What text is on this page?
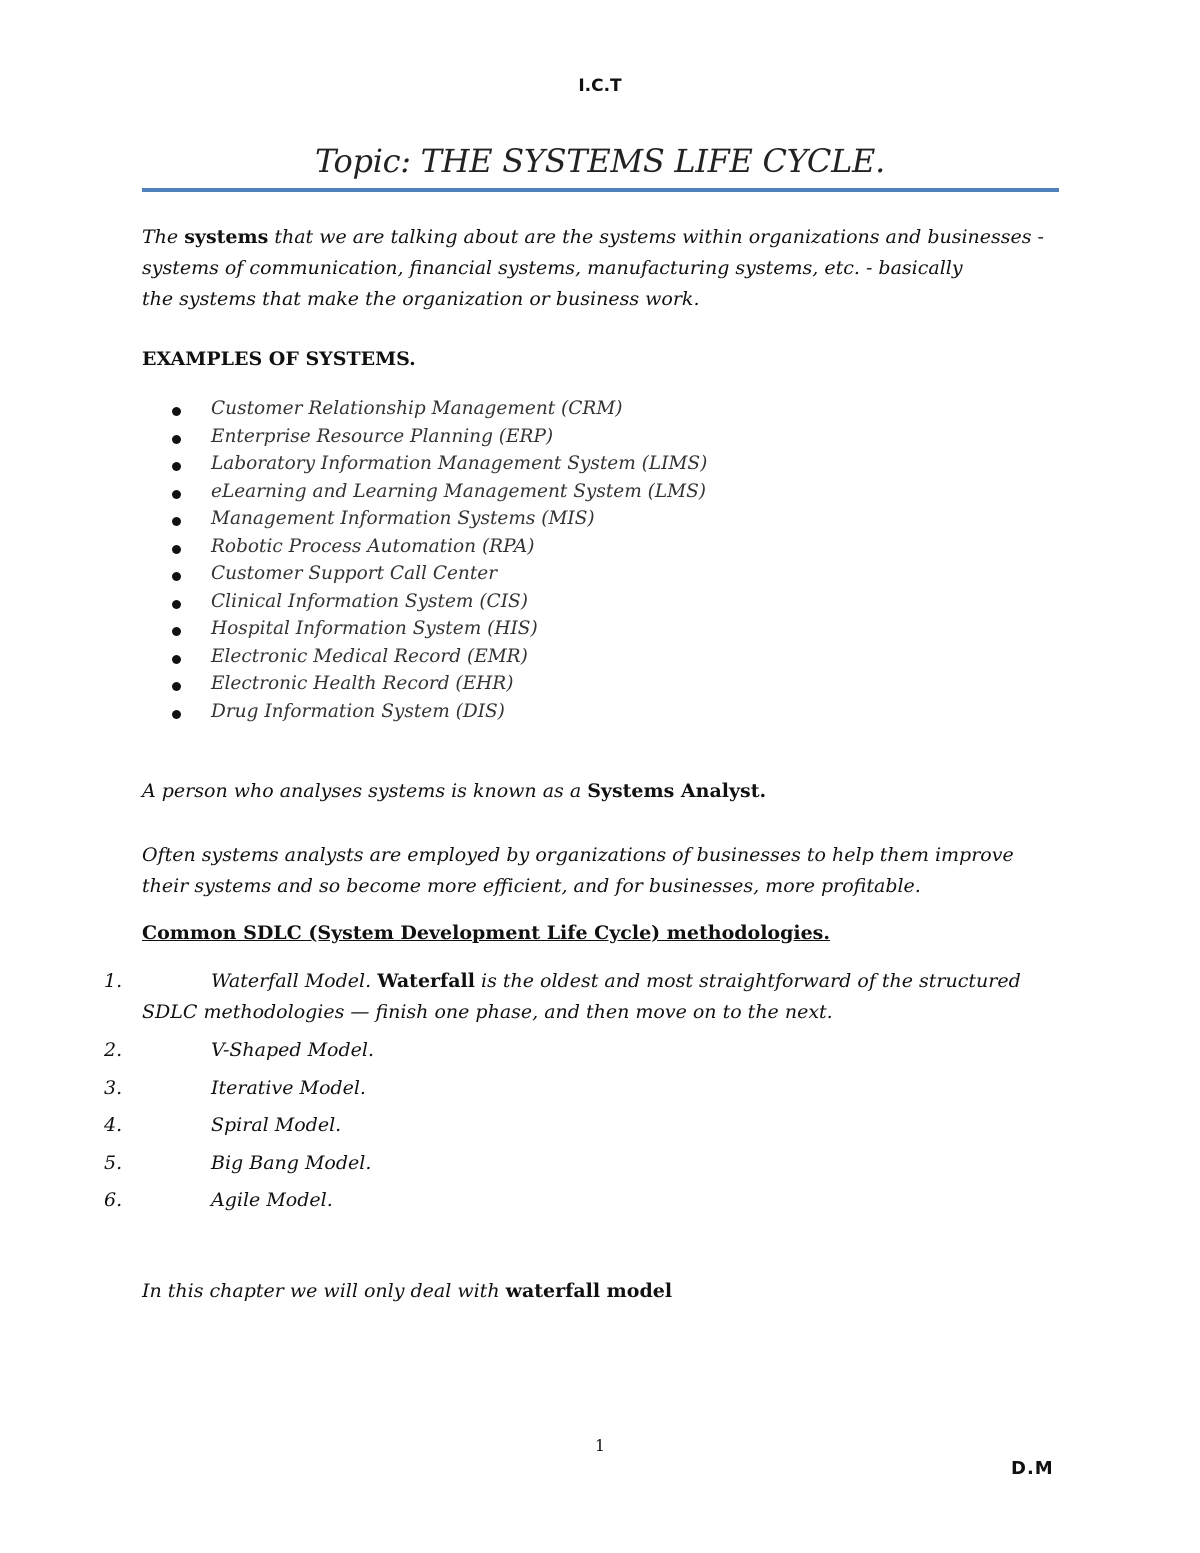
I.C.T
Topic: THE SYSTEMS LIFE CYCLE.
The systems that we are talking about are the systems within organizations and businesses -
systems of communication, financial systems, manufacturing systems, etc. - basically
the systems that make the organization or business work.
EXAMPLES OF SYSTEMS.
Customer Relationship Management (CRM)
Enterprise Resource Planning (ERP)
Laboratory Information Management System (LIMS)
eLearning and Learning Management System (LMS)
Management Information Systems (MIS)
Robotic Process Automation (RPA)
Customer Support Call Center
Clinical Information System (CIS)
Hospital Information System (HIS)
Electronic Medical Record (EMR)
Electronic Health Record (EHR)
Drug Information System (DIS)
A person who analyses systems is known as a Systems Analyst.
Often systems analysts are employed by organizations of businesses to help them improve
their systems and so become more efficient, and for businesses, more profitable.
Common SDLC (System Development Life Cycle) methodologies.
1.	Waterfall Model. Waterfall is the oldest and most straightforward of the structured
SDLC methodologies — finish one phase, and then move on to the next.
2.	V-Shaped Model.
3.	Iterative Model.
4.	Spiral Model.
5.	Big Bang Model.
6.	Agile Model.
In this chapter we will only deal with waterfall model
1
D.M
